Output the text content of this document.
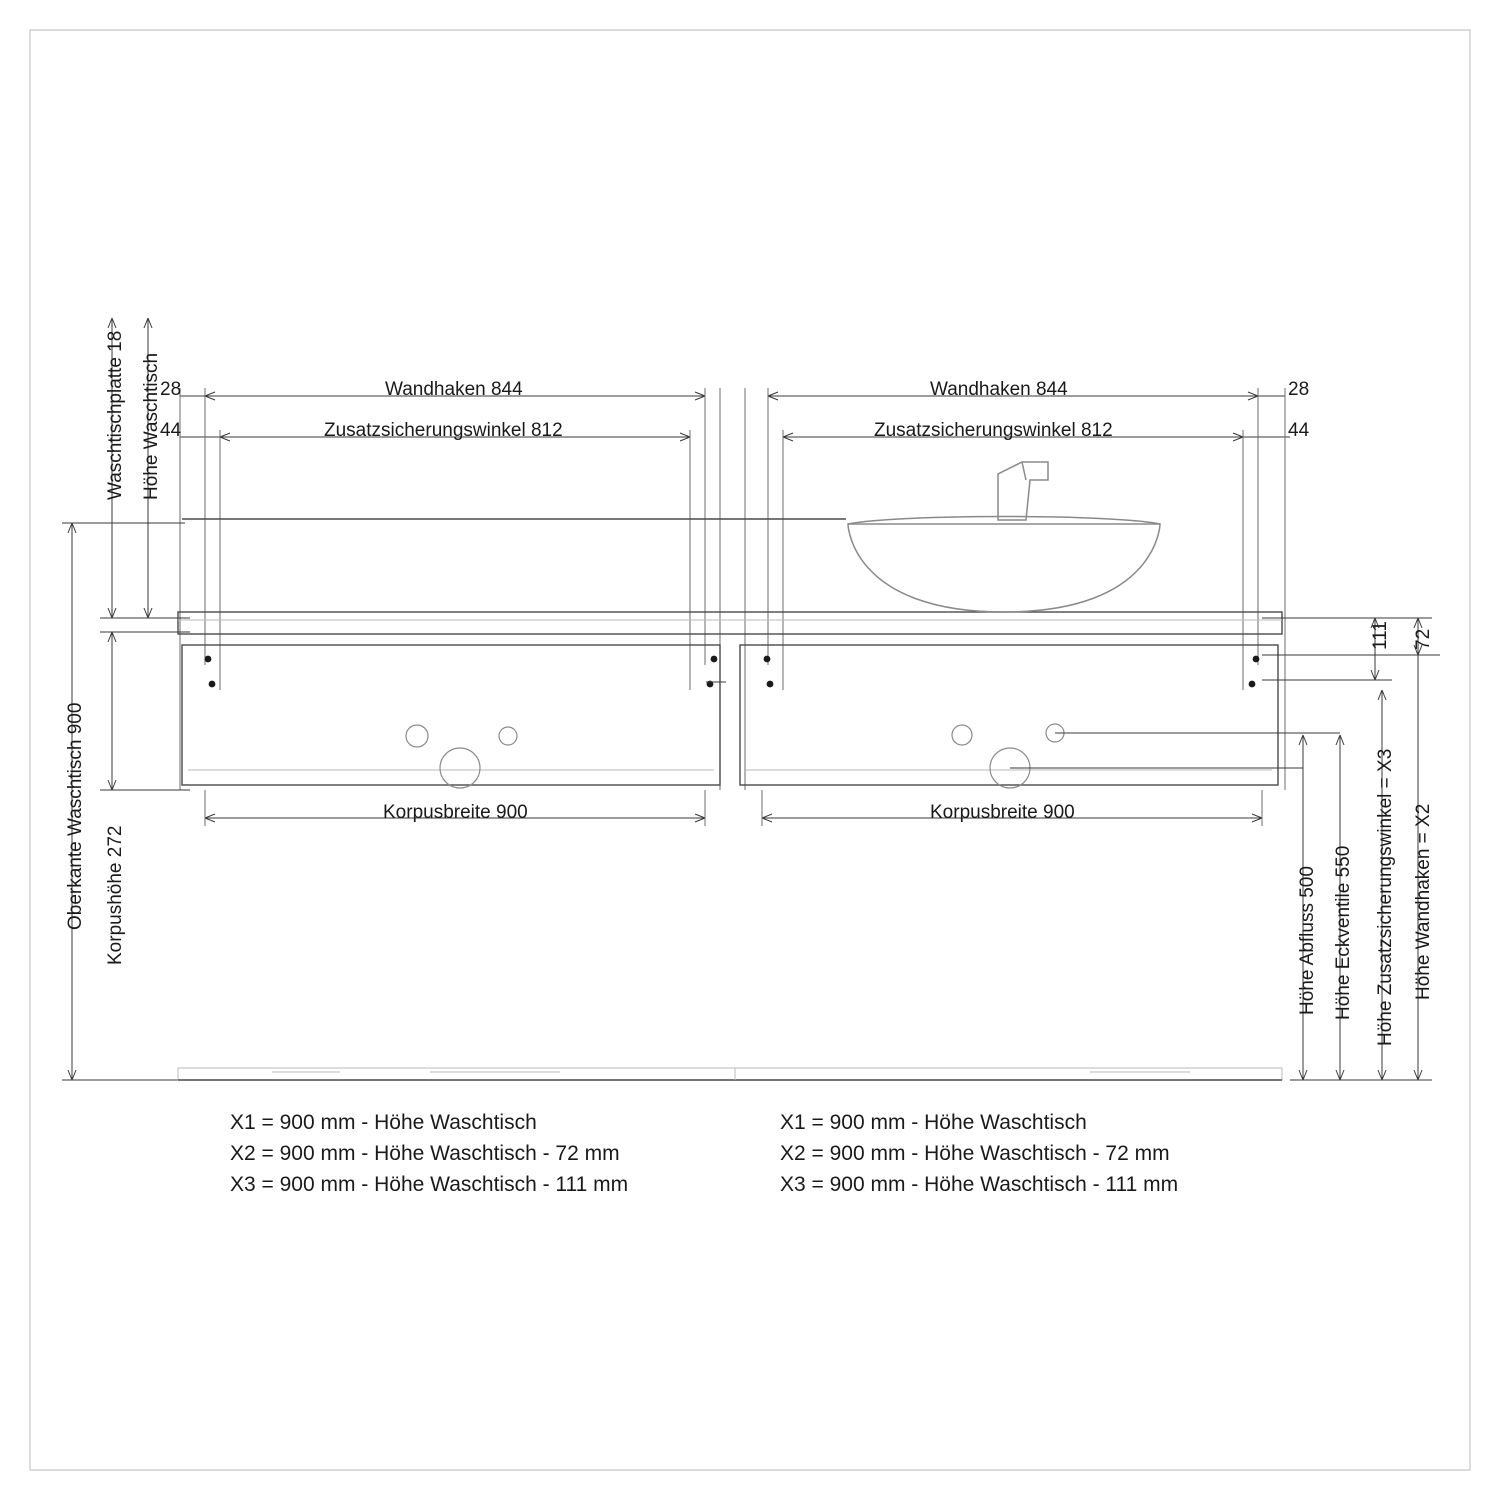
Wandhaken 844	Wandhaken 844
Zusatzsicherungswinkel 812	Zusatzsicherungswinkel 812
28
44
28
44
Korpusbreite 900	Korpusbreite 900
Waschtischplatte 18 Höhe Waschtisch
Oberkante Waschtisch 900 Korpushöhe 272
111 72
Höhe Abfluss 500 Höhe Eckventile 550 Höhe Zusatzsicherungswinkel = X3 Höhe Wandhaken = X2
X1 = 900 mm - Höhe Waschtisch
X2 = 900 mm - Höhe Waschtisch - 72 mm
X3 = 900 mm - Höhe Waschtisch - 111 mm
X1 = 900 mm - Höhe Waschtisch
X2 = 900 mm - Höhe Waschtisch - 72 mm
X3 = 900 mm - Höhe Waschtisch - 111 mm
